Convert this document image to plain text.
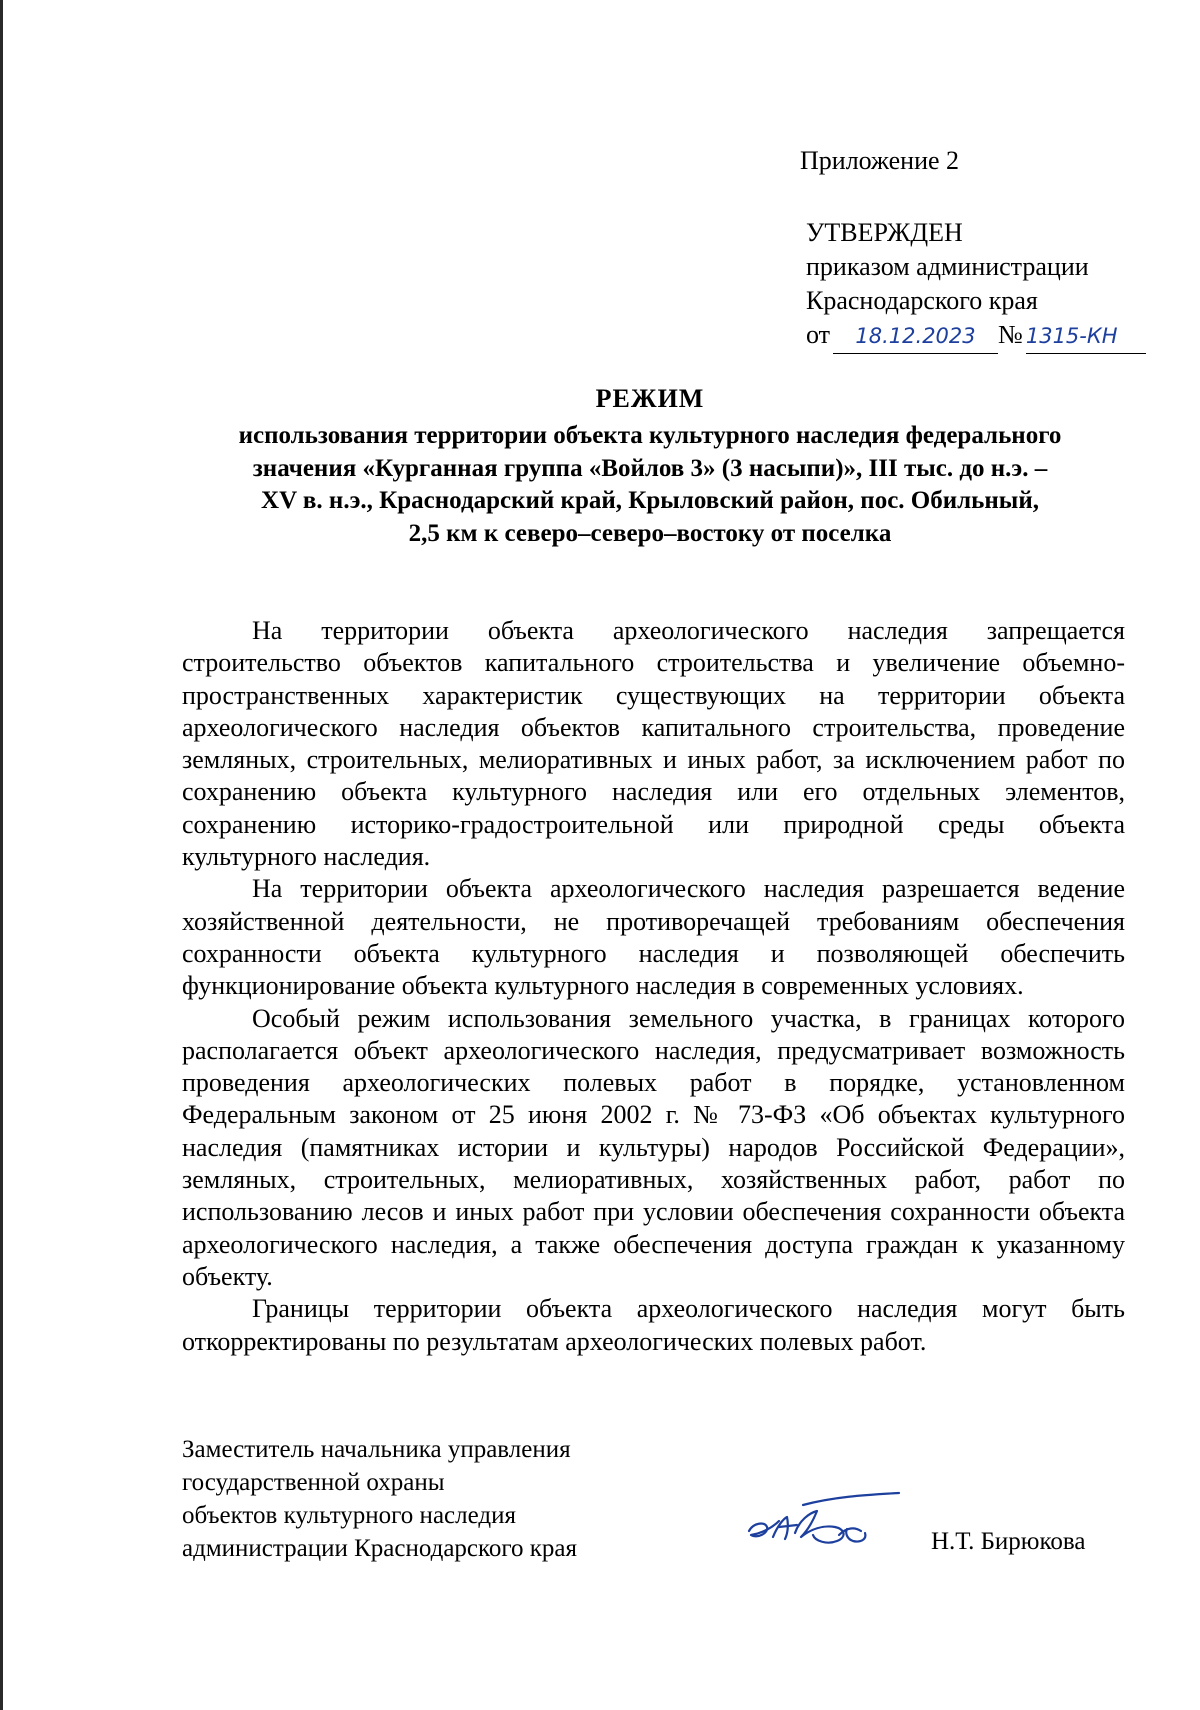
Приложение 2
УТВЕРЖДЕН
приказом администрации
Краснодарского края
от 18.12.2023 № 1315-КН
РЕЖИМ
использования территории объекта культурного наследия федерального
значения «Курганная группа «Войлов 3» (3 насыпи)», III тыс. до н.э. –
XV в. н.э., Краснодарский край, Крыловский район, пос. Обильный,
2,5 км к северо–северо–востоку от поселка

На территории объекта археологического наследия запрещается строительство объектов капитального строительства и увеличение объемно-пространственных характеристик существующих на территории объекта археологического наследия объектов капитального строительства, проведение земляных, строительных, мелиоративных и иных работ, за исключением работ по сохранению объекта культурного наследия или его отдельных элементов, сохранению историко-градостроительной или природной среды объекта культурного наследия.

На территории объекта археологического наследия разрешается ведение хозяйственной деятельности, не противоречащей требованиям обеспечения сохранности объекта культурного наследия и позволяющей обеспечить функционирование объекта культурного наследия в современных условиях.

Особый режим использования земельного участка, в границах которого располагается объект археологического наследия, предусматривает возможность проведения археологических полевых работ в порядке, установленном Федеральным законом от 25 июня 2002 г. № 73-ФЗ «Об объектах культурного наследия (памятниках истории и культуры) народов Российской Федерации», земляных, строительных, мелиоративных, хозяйственных работ, работ по использованию лесов и иных работ при условии обеспечения сохранности объекта археологического наследия, а также обеспечения доступа граждан к указанному объекту.

Границы территории объекта археологического наследия могут быть откорректированы по результатам археологических полевых работ.

Заместитель начальника управления
государственной охраны
объектов культурного наследия
администрации Краснодарского края	Н.Т. Бирюкова
